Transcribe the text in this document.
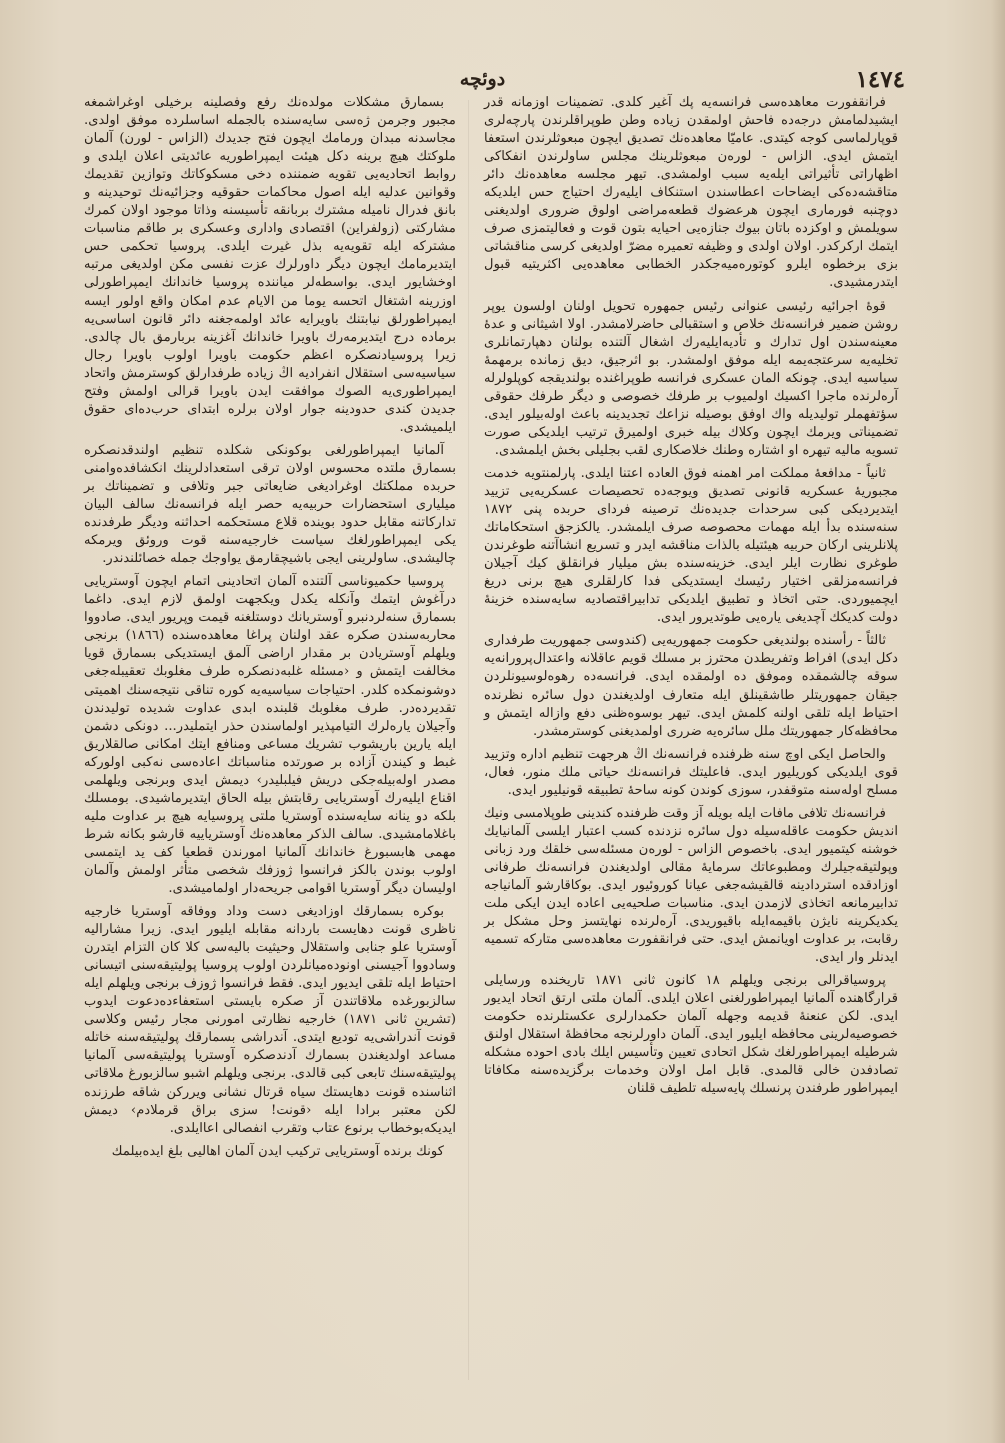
١٤٧٤
دوئچه

فرانقفورت معاهده‌سی فرانسه‌یه پك آغیر كلدی. تضمینات اوزمانه قدر ایشیدلمامش درجه‌ده فاحش اولمقدن زیاده وطن طوپراقلرندن پارچه‌لری قوپارلماسی كوجه كیتدی. عامیّا معاهده‌نك تصدیق ایچون مبعوثلرندن استعفا ایتمش ایدی. الزاس - لورەن مبعوثلرینك مجلس ساولرندن انفكاكی اظهاراتی تأثیراتی ایله‌یه سبب اولمشدی. تیهر مجلسه معاهده‌نك دائر متاقشه‌ده‌كی ایضاحات اعطاسندن استنكاف ایلیه‌رك احتیاج حس ایلدیكه دوچنبه فورماری ایچون هرعضوك قطعه‌مراضی اولوق ضروری اولدیغنی سویلمش و اوكزده باتان بیوك جنازه‌یی احیایه بتون قوت و فعالیتمزی صرف ایتمك اركركدر. اولان اولدی و وظیفه تعمیره مضرّ اولدیغی كرسی مناقشاتی بزی برخطوه ایلرو كوتوره‌میه‌جكدر الخطابی معاهده‌یی اكثریتیه قبول ایتدرمشیدی.

قوهٔ اجرائیه رئیسی عنوانی رئیس جمهوره تحویل اولنان اولسون یوپر روشن ضمیر فرانسه‌نك خلاص و استقبالی حاضرلامشدر. اولا اشیثانی و عده‌ٔ معینه‌سندن اول تدارك و تأدیه‌ایلیه‌رك اشغال آلتنده بولنان دهپارتمانلری تخلیه‌یه سرعتجه‌یمه ایله موفق اولمشدر. بو اثرجیق، دیق زمانده برمهمهٔ سیاسیه ایدی. چونكه المان عسكری فرانسه طوپراغنده بولندیقجه كوپلولرله آره‌لرنده ماجرا اكسیك اولمیوب بر طرفك خصوصی و دیگر طرفك حقوقی سؤتفهملر تولیدیله واك اوفق بوصیله نزاعك تجدیدینه باعث اولەبیلور ایدی. تضمیناتی ویرمك ایچون وكلاك بیله خبری اولمیرق ترتیب ایلدیكی صورت تسویه مالیه تیهره او اشتاره وطنك خلاصكاری لقب بجلیلی بخش ایلمشدی.

ثانیاً - مدافعهٔ مملكت امر اهمنه فوق العاده اعتنا ایلدی. پارلمنتویه خدمت مجبوریهٔ عسكریه قانونی تصدیق ویوجه‌ده تحصیصات عسكریه‌یی تزیید ایتدیردیكی كبی سرحدات جدیده‌نك ترصینه فردای حربده پنی ١٨٧٢ سنه‌سنده بدأ ایله مهمات محصوصه صرف ایلمشدر. یالكزجق استحكاماتك پلانلرینی اركان حربیه هیئتیله بالذات مناقشه ایدر و تسریع انشاآتنه طوغرندن طوغری نظارت ایلر ایدی. خزینه‌سنده بش میلیار فرانقلق كیك آجیلان فرانسه‌مزلقی اختیار رئیسك ایستدیكی فدا كارلقلری هیچ برنی دریغ ایچمیوردی. حتی اتخاذ و تطبیق ایلدیكی تدابیراقتصادیه سایه‌سنده خزینهٔ دولت كدیكك آچدیغی یاره‌یی طوتدیرور ایدی.

ثالثاً - رأسنده بولندیغی حكومت جمهوریه‌یی (كندوسی جمهوریت طرفداری دكل ایدی) افراط وتفریطدن محترز بر مسلك قویم عاقلانه واعتدال‌پرورانه‌یه سوقه چالشمقده وموفق ده اولمقده ایدی. فرانسه‌ده رهوه‌لوسیونلردن جیقان جمهوریتلر طاشقینلق ایله متعارف اولدیغندن دول سائره نظرنده احتیاط ایله تلقی اولنه كلمش ایدی. تیهر بوسوه‌ظنی دفع وازاله ایتمش و محافظه‌كار جمهوریتك ملل سائره‌یه ضرری اولمدیغنی كوسترمشدر.

والحاصل ایكی اوچ سنه ظرفنده فرانسه‌نك اڭ هرجهت تنظیم اداره وتزیید قوی ایلدیكی كوریلیور ایدی. فاعلیتك فرانسه‌نك حیاتی ملك منور، فعال، مسلح اوله‌سنه متوقفدر، سوزی كوندن كونه ساحهٔ تطبیقه قونیلیور ایدی.

فرانسه‌نك تلافی مافات ایله بویله آز وقت ظرفنده كندینی طوپلامسی ونیك اندیش حكومت عاقله‌سیله دول سائره نزدنده كسب اعتبار ایلسی آلمانیایك خوشنه كیتمیور ایدی. باخصوص الزاس - لورەن مسئله‌سی خلقك ورد زبانی وپولتیقه‌جیلرك ومطبوعاتك سرمایهٔ مقالی اولدیغندن فرانسه‌نك طرفانی اوزادقده استردادینه قالقیشه‌جغی عیانا كوروئیور ایدی. بوكاقارشو آلمانیاجه تدابیرمانعه اتخاذی لازمدن ایدی. مناسبات صلحیه‌یی اعاده ایدن ایكی ملت یكدیكرینه نایژن باقیمه‌ایله باقیوریدی. آره‌لرنده نهایتسز وحل مشكل بر رقابت، بر عداوت اویانمش ایدی. حتی فرانقفورت معاهده‌سی متاركه تسمیه ایدنلر وار ایدی.

پروسیاقرالی برنجی ویلهلم ١٨ كانون ثانی ١٨٧١ تاریخنده ورسایلی قرارگاهنده آلمانیا ایمپراطورلغنی اعلان ایلدی. آلمان ملتی ارتق اتحاد ایدیور ایدی. لكن عنعنهٔ قدیمه وجهله آلمان حكمدارلری عكستلرنده حكومت خصوصیه‌لرینی محافظه ایلیور ایدی. آلمان داورلرنجه محافظهٔ استقلال اولنق شرطیله ایمپراطورلغك شكل اتحادی تعیین وتأسیس ایلك بادی احوده مشكلە تصادفدن خالی قالمدی. قابل امل اولان وخدمات برگزیده‌سنه مكافاتا ایمپراطور طرفندن پرنسلك پایه‌سیله تلطیف قلنان

بسمارق مشكلات مولده‌نك رفع وفصلینه برخیلی اوغراشمغه مجبور وجرمن ژەسی سایه‌سنده بالجمله اساسلرده موفق اولدی. مجاسدنه مبدان ورمامك ایچون فتح جدیدك (الزاس - لورن) آلمان ملوكتك هیچ برینه دكل هیئت ایمپراطوریه عائدیتی اعلان ایلدی و روابط اتحادیه‌یی تقویه ضمننده دخی مسكوكاتك وتوازین تقدیمك وقوانین عدلیه ایله اصول محاكمات حقوقیه وجزائیه‌نك توحیدینه و بانق فدرال نامیله مشترك بربانقه تأسیسنه وذاتا موجود اولان كمرك مشاركتی (زولفراین) اقتصادی واداری وعسكری بر طاقم مناسبات مشتركه ایله تقویه‌یه بذل غیرت ایلدی. پروسیا تحكمی حس ایتدیرمامك ایچون دیگر داورلرك عزت نفسی مكن اولدیغی مرتبه اوخشایور ایدی. بواسطه‌لر میاننده پروسیا خاندانك ایمپراطورلی اوزرینه اشتغال اتحسه یوما من الایام عدم امكان واقع اولور ایسه ایمپراطورلق نیابتنك باویرایه عائد اولمه‌جغنه دائر قانون اساسی‌یه برماده درج ایتدیرمه‌رك باویرا خاندانك آغزینه بربارمق بال چالدی. زیرا پروسیادنصكره اعظم حكومت باویرا اولوب باویرا رجال سیاسیه‌سی استقلال انفرادیه اڭ زیاده طرفدارلق كوسترمش واتحاد ایمپراطوری‌یه الصوك موافقت ایدن باویرا قرالی اولمش وفتح جدیدن كندی حدودینه جوار اولان برلره ابتدای حرب‌ده‌ای حقوق ایلمیشدی.

آلمانیا ایمپراطورلغی بوكونكی شكلده تنظیم اولندقدنصكره بسمارق ملتده محسوس اولان ترقی استعدادلرینك انكشافده‌وامنی حربده مملكتك اوغرادیغی ضایعاتی جبر وتلافی و تضمیناتك بر میلیاری استحضارات حربیه‌یه حصر ایله فرانسه‌نك سالف البیان تداركاتنه مقابل حدود بوینده قلاع مستحكمه احداثنه ودیگر طرفدنده یكی ایمپراطورلغك سیاست خارجیه‌سنه قوت وروئق ویرمكه چالیشدی. ساولرینی ایجی باشیچقارمق یواوجك جمله خصائلندندر.

پروسیا حكمیوناسی آلتنده آلمان اتحادینی اتمام ایچون آوستریایی درآغوش ایتمك وآنكله یكدل ویكجهت اولمق لازم ایدی. داغما بسمارق سنه‌لردنبرو آوستریانك دوستلغنه قیمت وپریور ایدی. صادووا محاربه‌سندن صكره عقد اولنان پراغا معاهده‌سنده (١٨٦٦) برنجی ویلهلم آوستریادن بر مقدار اراضی آلمق ایستدیكی بسمارق قویا مخالفت ایتمش و ‹مسئله غلبه‌دنصكره طرف مغلوبك تعقیبله‌جغی دوشونمكده كلدر. احتیاجات سیاسیه‌یه كوره تناقی نتیجه‌سنك اهمیتی تقدیرده‌در. طرف مغلوبك قلبنده ابدی عداوت شدیده تولیدندن وآجیلان یاره‌لرك التیامپذیر اولماسندن حذر ایتملیدر... دونكی دشمن ایله یارین باریشوب تشریك مساعی ومنافع ایتك امكانی صالقلاریق غبط و كیندن آزاده بر صورتده مناسباتك اعاده‌سی نه‌كبی اولوركه مصدر اولەبیله‌جكی دریش فیلبلیدر› دیمش ایدی وبرنجی ویلهلمی اقناع ایلیەرك آوستریایی رقابتش بیله الحاق ایتدیرماشیدی. بومسلك بلكه دو ینانه سایه‌سنده آوستریا ملتی پروسیایه هیچ بر عداوت ملیه باغلامامشیدی. سالف الذكر معاهده‌نك آوستریاییه قارشو بكانه شرط مهمی هابسبورغ خاندانك آلمانیا امورندن قطعیا كف ید ایتمسی اولوب بوندن بالكز فرانسوا ژوزفك شخصی متأثر اولمش وآلمان اولیسان دیگر آوستریا اقوامی جریحه‌دار اولمامیشدی.

بوكره بسمارقك اوزادیغی دست وداد ووفاقه آوستریا خارجیه ناظری قونت دهایست باردانه مقابله ایلیور ایدی. زیرا مشارالیه آوستریا علو جنابی واستقلال وحیثیت بالیه‌سی كلا كان التزام ایتدرن وسادووا آجیسنی اونوده‌میانلردن اولوب پروسیا پولیتیقه‌سنی اتیسانی احتیاط ایله تلقی ایدیور ایدی. فقط فرانسوا ژوزف برنجی ویلهلم ایله سالزبورغده ملاقاتندن آز صكره بایستی استعفاءده‌دعوت ایدوب (تشرین ثانی ١٨٧١) خارجیه نظارتی امورنی مجار رئیس وكلاسی قونت آندراشی‌یه تودیع ایتدی. آندراشی بسمارقك پولیتیقه‌سنه خاتله مساعد اولدیغندن بسمارك آدندصكره آوستریا پولیتیقه‌سی آلمانیا پولیتیقه‌سنك تابعی كبی قالدی. برنجی ویلهلم اشبو سالزبورغ ملاقاتی اثناسنده قونت دهایستك سیاه قرتال نشانی ویرركن شاقه طرزنده لكن معتبر برادا ایله ‹قونت! سزی براق قرملادم› دیمش ایدیكه‌بوخطاب برنوع عتاب وتقرب انفصالی اعاایلدی.

كونك برنده آوستریایی تركیب ایدن آلمان اهالیی بلغ ایده‌بیلمك
